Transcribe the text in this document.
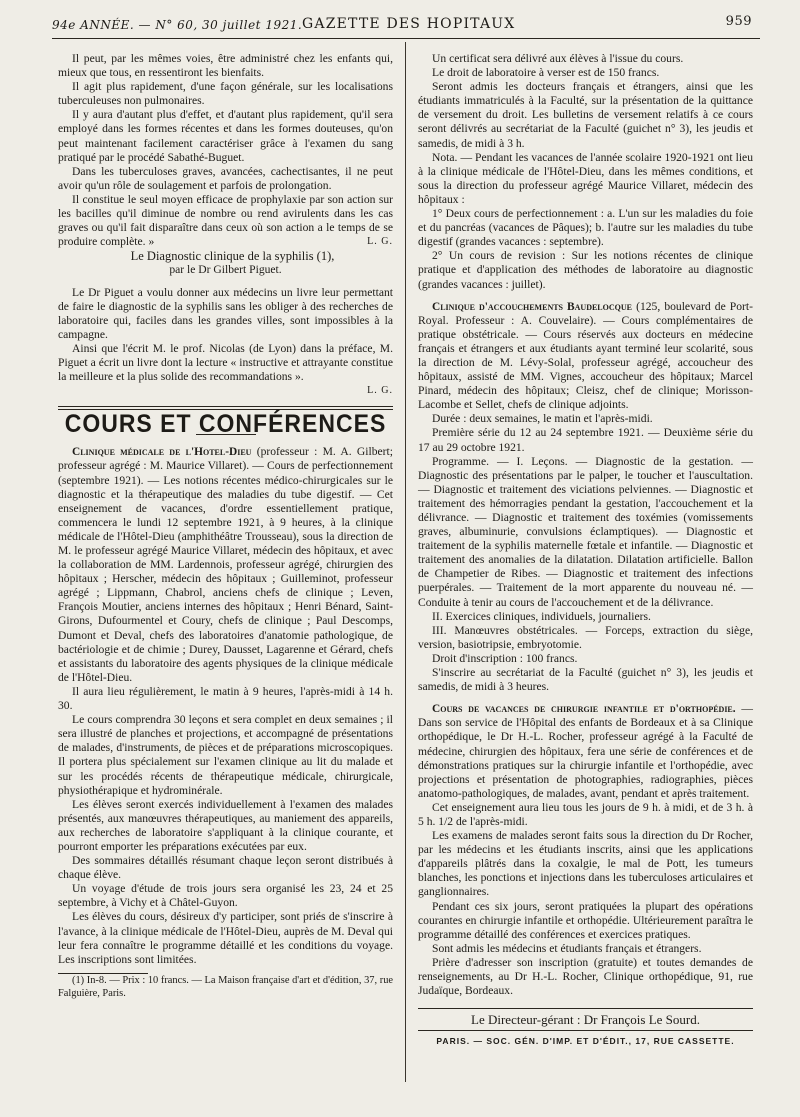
94e ANNÉE. — N° 60, 30 juillet 1921. GAZETTE DES HOPITAUX	959

Il peut, par les mêmes voies, être administré chez les enfants qui, mieux que tous, en ressentiront les bienfaits.

Il agit plus rapidement, d'une façon générale, sur les localisations tuberculeuses non pulmonaires.

Il y aura d'autant plus d'effet, et d'autant plus rapidement, qu'il sera employé dans les formes récentes et dans les formes douteuses, qu'on peut maintenant facilement caractériser grâce à l'examen du sang pratiqué par le procédé Sabathé-Buguet.

Dans les tuberculoses graves, avancées, cachectisantes, il ne peut avoir qu'un rôle de soulagement et parfois de prolongation.

Il constitue le seul moyen efficace de prophylaxie par son action sur les bacilles qu'il diminue de nombre ou rend avirulents dans les cas graves ou qu'il fait disparaître dans ceux où son action a le temps de se produire complète. »	L. G.

Le Diagnostic clinique de la syphilis (1),

par le Dr Gilbert Piguet.

Le Dr Piguet a voulu donner aux médecins un livre leur permettant de faire le diagnostic de la syphilis sans les obliger à des recherches de laboratoire qui, faciles dans les grandes villes, sont impossibles à la campagne.

Ainsi que l'écrit M. le prof. Nicolas (de Lyon) dans la préface, M. Piguet a écrit un livre dont la lecture « instructive et attrayante constitue la meilleure et la plus solide des recommandations ».

L. G.
COURS ET CONFÉRENCES

Clinique médicale de l'Hotel-Dieu (professeur : M. A. Gilbert; professeur agrégé : M. Maurice Villaret). — Cours de perfectionnement (septembre 1921). — Les notions récentes médico-chirurgicales sur le diagnostic et la thérapeutique des maladies du tube digestif. — Cet enseignement de vacances, d'ordre essentiellement pratique, commencera le lundi 12 septembre 1921, à 9 heures, à la clinique médicale de l'Hôtel-Dieu (amphithéâtre Trousseau), sous la direction de M. le professeur agrégé Maurice Villaret, médecin des hôpitaux, et avec la collaboration de MM. Lardennois, professeur agrégé, chirurgien des hôpitaux ; Herscher, médecin des hôpitaux ; Guilleminot, professeur agrégé ; Lippmann, Chabrol, anciens chefs de clinique ; Leven, François Moutier, anciens internes des hôpitaux ; Henri Bénard, Saint-Girons, Dufourmentel et Coury, chefs de clinique ; Paul Descomps, Dumont et Deval, chefs des laboratoires d'anatomie pathologique, de bactériologie et de chimie ; Durey, Dausset, Lagarenne et Gérard, chefs et assistants du laboratoire des agents physiques de la clinique médicale de l'Hôtel-Dieu.

Il aura lieu régulièrement, le matin à 9 heures, l'après-midi à 14 h. 30.

Le cours comprendra 30 leçons et sera complet en deux semaines ; il sera illustré de planches et projections, et accompagné de présentations de malades, d'instruments, de pièces et de préparations microscopiques. Il portera plus spécialement sur l'examen clinique au lit du malade et sur les procédés récents de thérapeutique médicale, chirurgicale, physiothérapique et hydrominérale.

Les élèves seront exercés individuellement à l'examen des malades présentés, aux manœuvres thérapeutiques, au maniement des appareils, aux recherches de laboratoire s'appliquant à la clinique courante, et pourront emporter les préparations exécutées par eux.

Des sommaires détaillés résumant chaque leçon seront distribués à chaque élève.

Un voyage d'étude de trois jours sera organisé les 23, 24 et 25 septembre, à Vichy et à Châtel-Guyon.

Les élèves du cours, désireux d'y participer, sont priés de s'inscrire à l'avance, à la clinique médicale de l'Hôtel-Dieu, auprès de M. Deval qui leur fera connaître le programme détaillé et les conditions du voyage. Les inscriptions sont limitées.

(1) In-8. — Prix : 10 francs. — La Maison française d'art et d'édition, 37, rue Falguière, Paris.

Un certificat sera délivré aux élèves à l'issue du cours.

Le droit de laboratoire à verser est de 150 francs.

Seront admis les docteurs français et étrangers, ainsi que les étudiants immatriculés à la Faculté, sur la présentation de la quittance de versement du droit. Les bulletins de versement relatifs à ce cours seront délivrés au secrétariat de la Faculté (guichet n° 3), les jeudis et samedis, de midi à 3 h.

Nota. — Pendant les vacances de l'année scolaire 1920-1921 ont lieu à la clinique médicale de l'Hôtel-Dieu, dans les mêmes conditions, et sous la direction du professeur agrégé Maurice Villaret, médecin des hôpitaux :

1° Deux cours de perfectionnement : a. L'un sur les maladies du foie et du pancréas (vacances de Pâques); b. l'autre sur les maladies du tube digestif (grandes vacances : septembre).

2° Un cours de revision : Sur les notions récentes de clinique pratique et d'application des méthodes de laboratoire au diagnostic (grandes vacances : juillet).

Clinique d'accouchements Baudelocque (125, boulevard de Port-Royal. Professeur : A. Couvelaire). — Cours complémentaires de pratique obstétricale. — Cours réservés aux docteurs en médecine français et étrangers et aux étudiants ayant terminé leur scolarité, sous la direction de M. Lévy-Solal, professeur agrégé, accoucheur des hôpitaux, assisté de MM. Vignes, accoucheur des hôpitaux; Marcel Pinard, médecin des hôpitaux; Cleisz, chef de clinique; Morisson-Lacombe et Sellet, chefs de clinique adjoints.

Durée : deux semaines, le matin et l'après-midi.

Première série du 12 au 24 septembre 1921. — Deuxième série du 17 au 29 octobre 1921.

Programme. — I. Leçons. — Diagnostic de la gestation. — Diagnostic des présentations par le palper, le toucher et l'auscultation. — Diagnostic et traitement des viciations pelviennes. — Diagnostic et traitement des hémorragies pendant la gestation, l'accouchement et la délivrance. — Diagnostic et traitement des toxémies (vomissements graves, albuminurie, convulsions éclamptiques). — Diagnostic et traitement de la syphilis maternelle fœtale et infantile. — Diagnostic et traitement des anomalies de la dilatation. Dilatation artificielle. Ballon de Champetier de Ribes. — Diagnostic et traitement des infections puerpérales. — Traitement de la mort apparente du nouveau né. — Conduite à tenir au cours de l'accouchement et de la délivrance.

II. Exercices cliniques, individuels, journaliers.

III. Manœuvres obstétricales. — Forceps, extraction du siège, version, basiotripsie, embryotomie.

Droit d'inscription : 100 francs.

S'inscrire au secrétariat de la Faculté (guichet n° 3), les jeudis et samedis, de midi à 3 heures.

Cours de vacances de chirurgie infantile et d'orthopédie. — Dans son service de l'Hôpital des enfants de Bordeaux et à sa Clinique orthopédique, le Dr H.-L. Rocher, professeur agrégé à la Faculté de médecine, chirurgien des hôpitaux, fera une série de conférences et de démonstrations pratiques sur la chirurgie infantile et l'orthopédie, avec projections et présentation de photographies, radiographies, pièces anatomo-pathologiques, de malades, avant, pendant et après traitement.

Cet enseignement aura lieu tous les jours de 9 h. à midi, et de 3 h. à 5 h. 1/2 de l'après-midi.

Les examens de malades seront faits sous la direction du Dr Rocher, par les médecins et les étudiants inscrits, ainsi que les applications d'appareils plâtrés dans la coxalgie, le mal de Pott, les tumeurs blanches, les ponctions et injections dans les tuberculoses articulaires et ganglionnaires.

Pendant ces six jours, seront pratiquées la plupart des opérations courantes en chirurgie infantile et orthopédie. Ultérieurement paraîtra le programme détaillé des conférences et exercices pratiques.

Sont admis les médecins et étudiants français et étrangers.

Prière d'adresser son inscription (gratuite) et toutes demandes de renseignements, au Dr H.-L. Rocher, Clinique orthopédique, 91, rue Judaïque, Bordeaux.

Le Directeur-gérant : Dr François Le Sourd.
PARIS. — SOC. GÉN. D'IMP. ET D'ÉDIT., 17, RUE CASSETTE.
